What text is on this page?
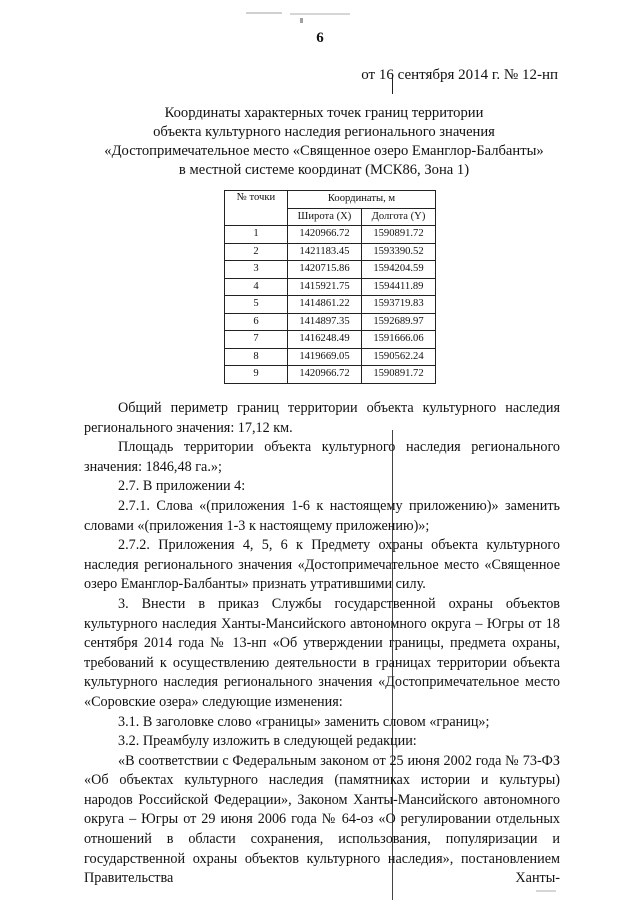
6
от 16 сентября 2014 г. № 12-нп
Координаты характерных точек границ территории
объекта культурного наследия регионального значения
«Достопримечательное место «Священное озеро Еманглор-Балбанты»
в местной системе координат (МСК86, Зона 1)
№ точки	Координаты, м	
	Широта (X)	Долгота (Y)
1	1420966.72	1590891.72
2	1421183.45	1593390.52
3	1420715.86	1594204.59
4	1415921.75	1594411.89
5	1414861.22	1593719.83
6	1414897.35	1592689.97
7	1416248.49	1591666.06
8	1419669.05	1590562.24
9	1420966.72	1590891.72

Общий периметр границ территории объекта культурного наследия регионального значения: 17,12 км.

Площадь территории объекта культурного наследия регионального значения: 1846,48 га.»;

2.7. В приложении 4:

2.7.1. Слова «(приложения 1-6 к настоящему приложению)» заменить словами «(приложения 1-3 к настоящему приложению)»;

2.7.2. Приложения 4, 5, 6 к Предмету охраны объекта культурного наследия регионального значения «Достопримечательное место «Священное озеро Еманглор-Балбанты» признать утратившими силу.

3. Внести в приказ Службы государственной охраны объектов культурного наследия Ханты-Мансийского автономного округа – Югры от 18 сентября 2014 года № 13-нп «Об утверждении границы, предмета охраны, требований к осуществлению деятельности в границах территории объекта культурного наследия регионального значения «Достопримечательное место «Соровские озера» следующие изменения:

3.1. В заголовке слово «границы» заменить словом «границ»;

3.2. Преамбулу изложить в следующей редакции:

«В соответствии с Федеральным законом от 25 июня 2002 года № 73-ФЗ «Об объектах культурного наследия (памятниках истории и культуры) народов Российской Федерации», Законом Ханты-Мансийского автономного округа – Югры от 29 июня 2006 года № 64-оз «О регулировании отдельных отношений в области сохранения, использования, популяризации и государственной охраны объектов культурного наследия», постановлением Правительства Ханты-
